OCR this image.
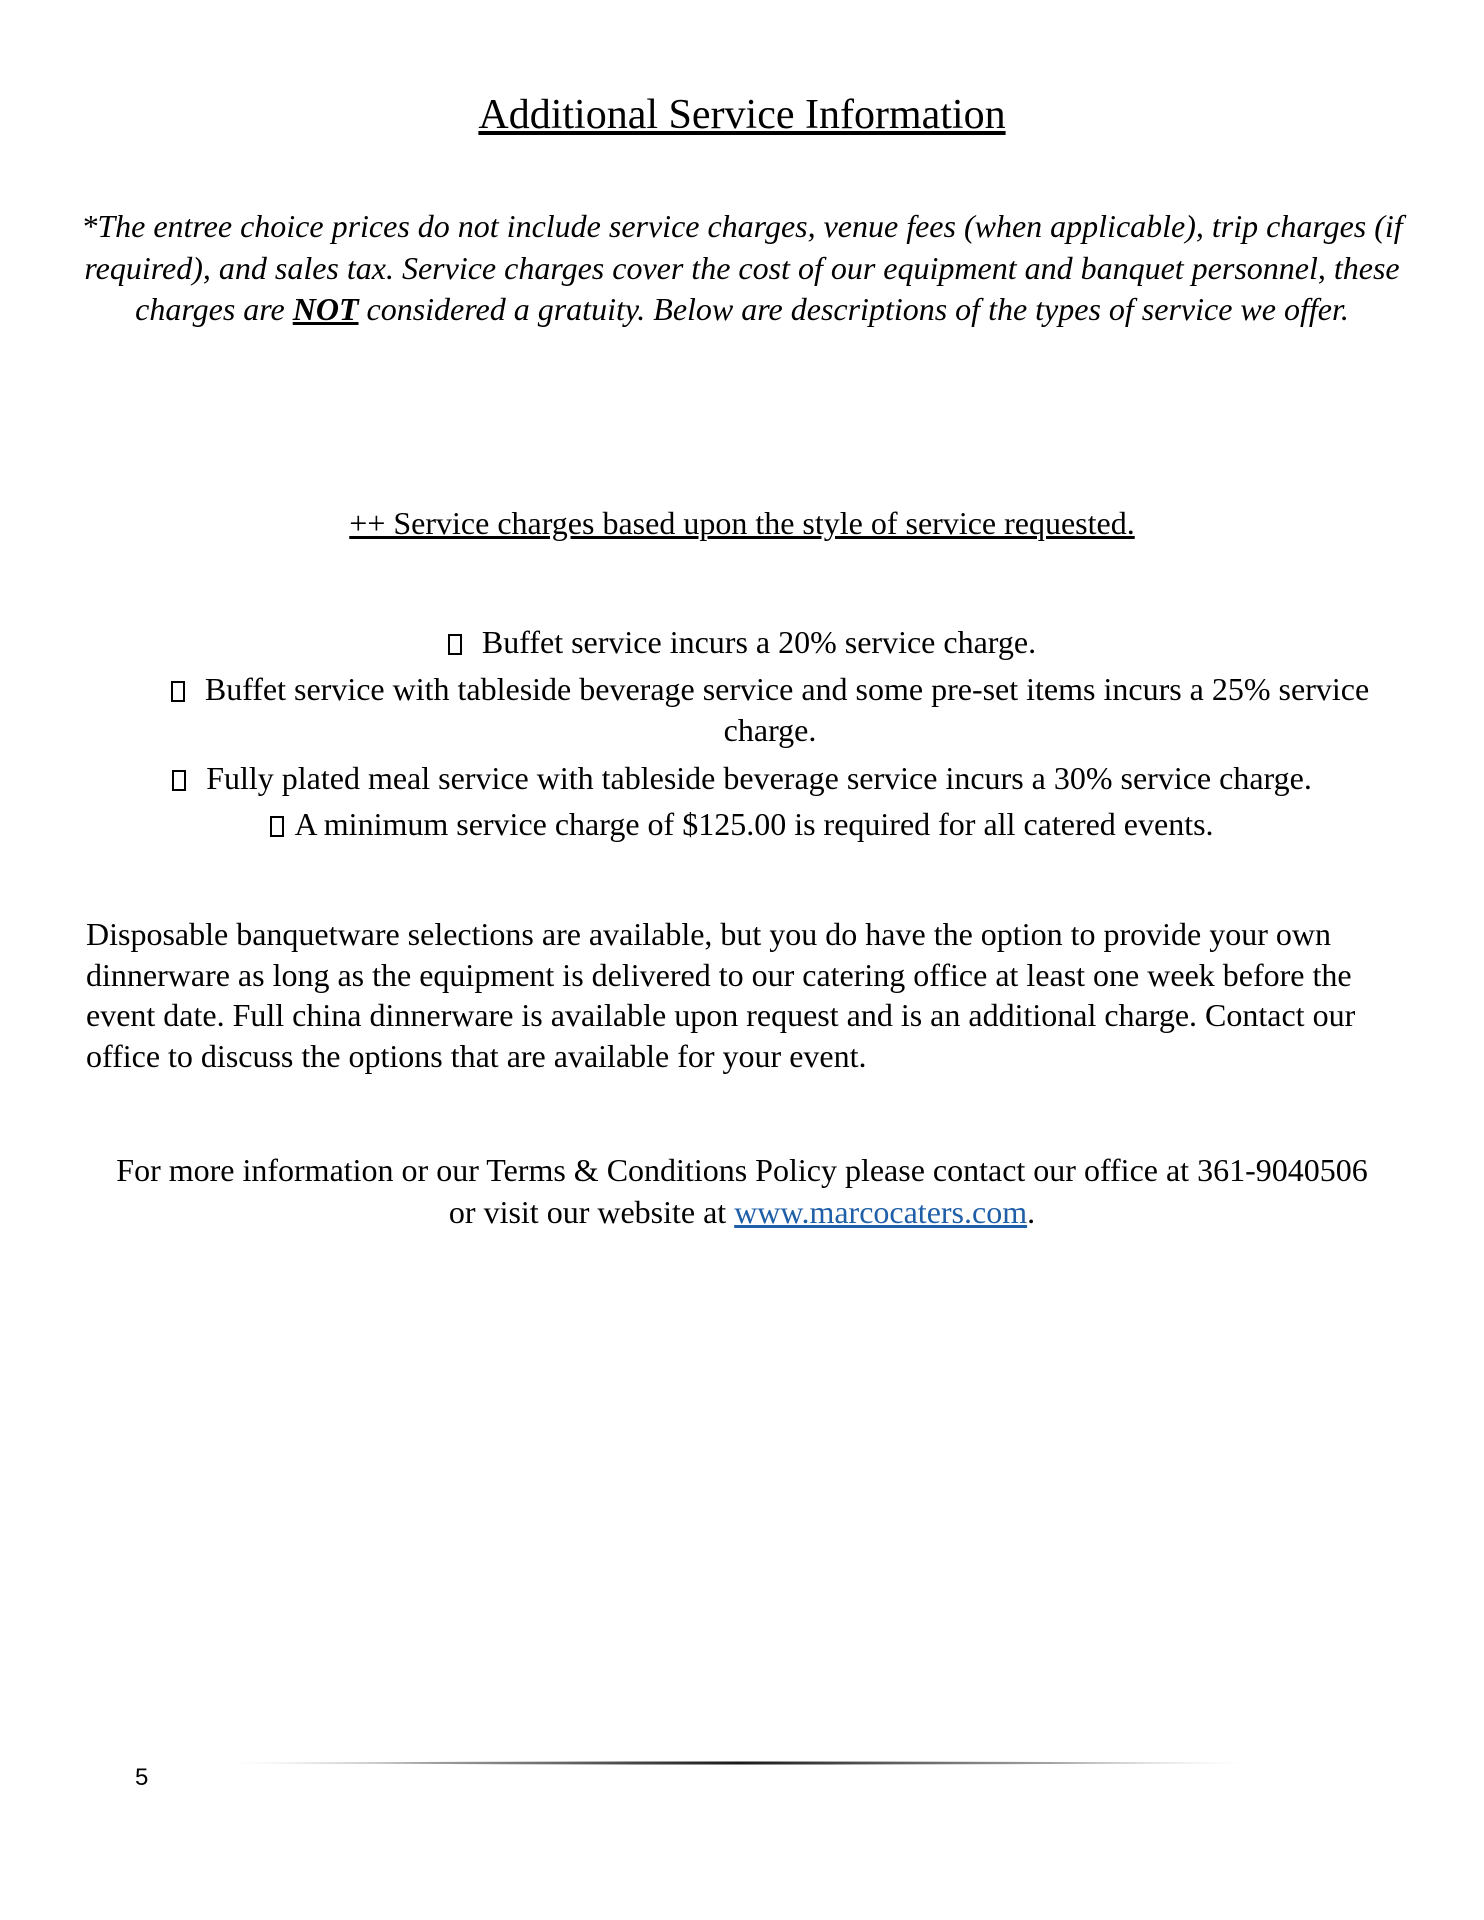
Additional Service Information
*The entree choice prices do not include service charges, venue fees (when applicable), trip charges (if required), and sales tax. Service charges cover the cost of our equipment and banquet personnel, these charges are NOT considered a gratuity. Below are descriptions of the types of service we offer.
++ Service charges based upon the style of service requested.
Buffet service incurs a 20% service charge.
Buffet service with tableside beverage service and some pre-set items incurs a 25% service charge.
Fully plated meal service with tableside beverage service incurs a 30% service charge.
A minimum service charge of $125.00 is required for all catered events.
Disposable banquetware selections are available, but you do have the option to provide your own dinnerware as long as the equipment is delivered to our catering office at least one week before the event date. Full china dinnerware is available upon request and is an additional charge. Contact our office to discuss the options that are available for your event.
For more information or our Terms & Conditions Policy please contact our office at 361-9040506 or visit our website at www.marcocaters.com.
5
